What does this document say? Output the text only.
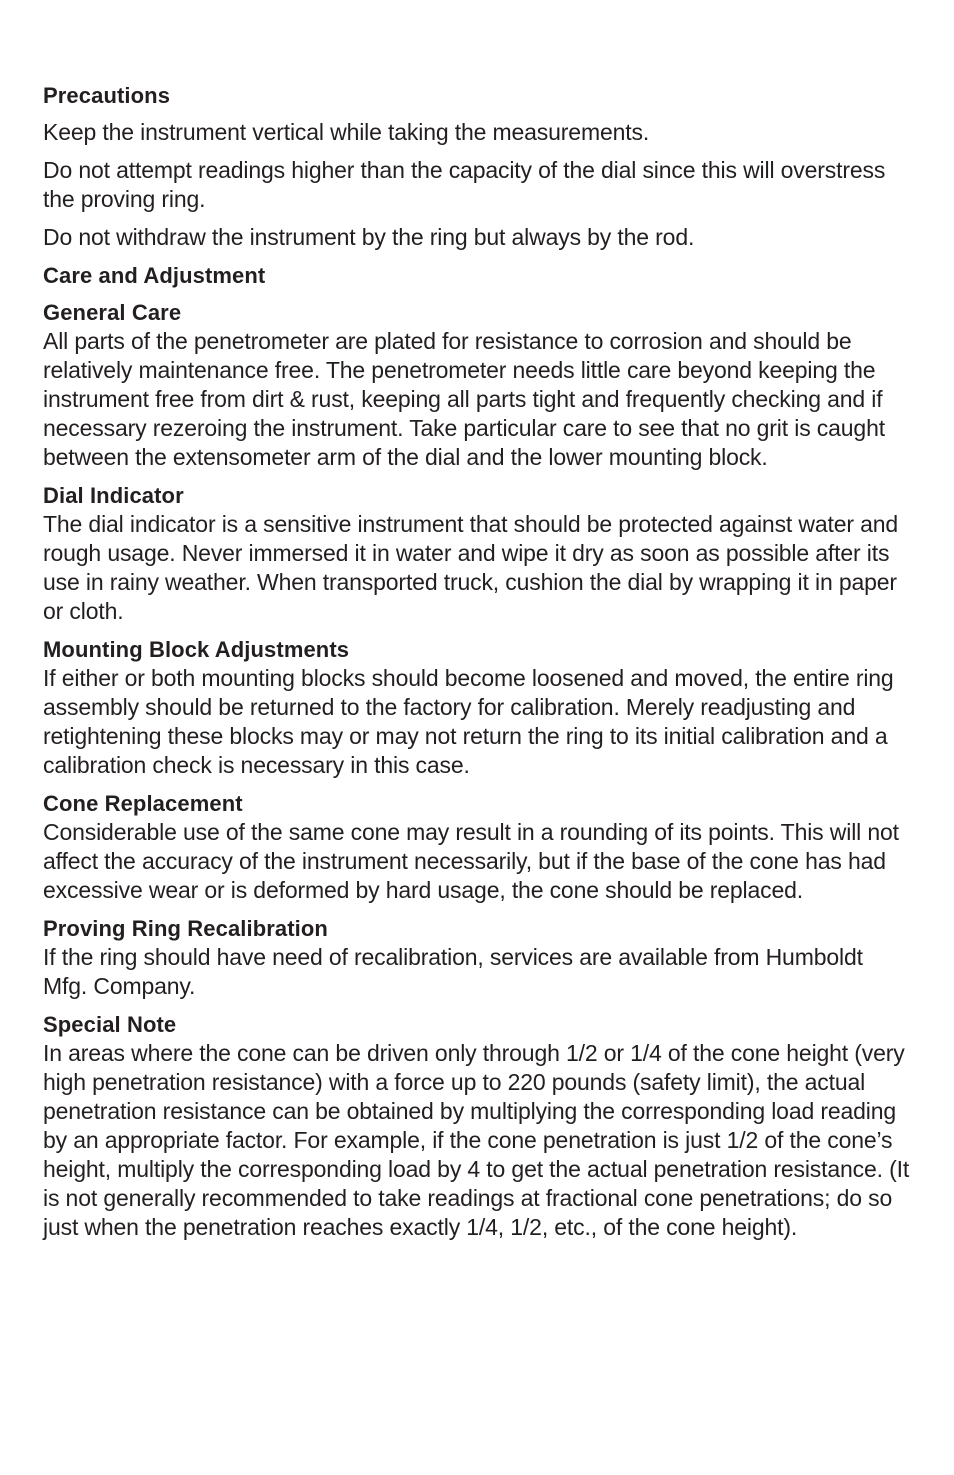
Precautions

Keep the instrument vertical while taking the measurements.

Do not attempt readings higher than the capacity of the dial since this will overstress the proving ring.

Do not withdraw the instrument by the ring but always by the rod.

Care and Adjustment
General Care

All parts of the penetrometer are plated for resistance to corrosion and should be relatively maintenance free. The penetrometer needs little care beyond keeping the instrument free from dirt & rust, keeping all parts tight and frequently checking and if necessary rezeroing the instrument. Take particular care to see that no grit is caught between the extensometer arm of the dial and the lower mounting block.

Dial Indicator

The dial indicator is a sensitive instrument that should be protected against water and rough usage. Never immersed it in water and wipe it dry as soon as possible after its use in rainy weather. When transported truck, cushion the dial by wrapping it in paper or cloth.

Mounting Block Adjustments

If either or both mounting blocks should become loosened and moved, the entire ring assembly should be returned to the factory for calibration. Merely readjusting and retightening these blocks may or may not return the ring to its initial calibration and a calibration check is necessary in this case.

Cone Replacement

Considerable use of the same cone may result in a rounding of its points. This will not affect the accuracy of the instrument necessarily, but if the base of the cone has had excessive wear or is deformed by hard usage, the cone should be replaced.

Proving Ring Recalibration

If the ring should have need of recalibration, services are available from Humboldt Mfg. Company.

Special Note

In areas where the cone can be driven only through 1/2 or 1/4 of the cone height (very high penetration resistance) with a force up to 220 pounds (safety limit), the actual penetration resistance can be obtained by multiplying the corresponding load reading by an appropriate factor. For example, if the cone penetration is just 1/2 of the cone’s height, multiply the corresponding load by 4 to get the actual penetration resistance. (It is not generally recommended to take readings at fractional cone penetrations; do so just when the penetration reaches exactly 1/4, 1/2, etc., of the cone height).
